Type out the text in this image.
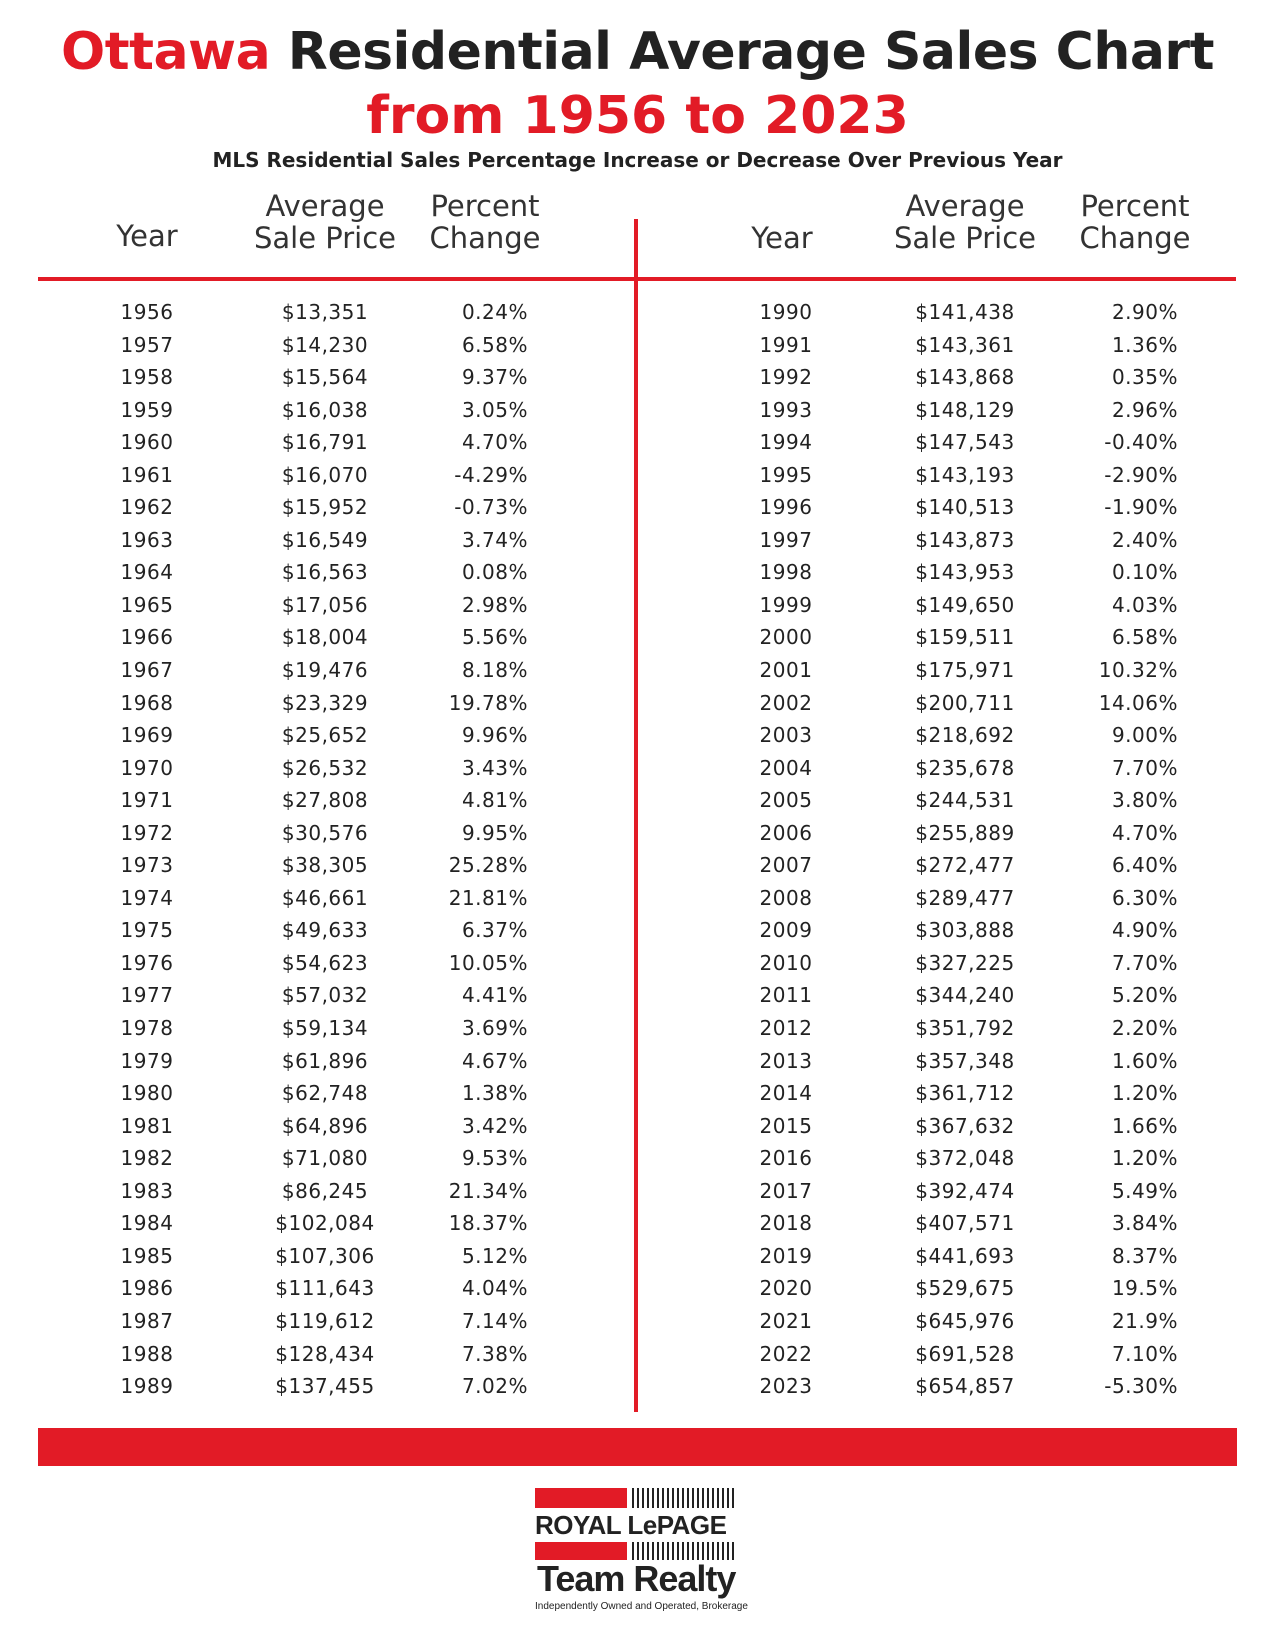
Ottawa Residential Average Sales Chart
from 1956 to 2023
MLS Residential Sales Percentage Increase or Decrease Over Previous Year
Year
Average
Sale Price
Percent
Change	Year
Average
Sale Price
Percent
Change
1956	$13,351	0.24%
1957	$14,230	6.58%
1958	$15,564	9.37%
1959	$16,038	3.05%
1960	$16,791	4.70%
1961	$16,070	-4.29%
1962	$15,952	-0.73%
1963	$16,549	3.74%
1964	$16,563	0.08%
1965	$17,056	2.98%
1966	$18,004	5.56%
1967	$19,476	8.18%
1968	$23,329	19.78%
1969	$25,652	9.96%
1970	$26,532	3.43%
1971	$27,808	4.81%
1972	$30,576	9.95%
1973	$38,305	25.28%
1974	$46,661	21.81%
1975	$49,633	6.37%
1976	$54,623	10.05%
1977	$57,032	4.41%
1978	$59,134	3.69%
1979	$61,896	4.67%
1980	$62,748	1.38%
1981	$64,896	3.42%
1982	$71,080	9.53%
1983	$86,245	21.34%
1984	$102,084	18.37%
1985	$107,306	5.12%
1986	$111,643	4.04%
1987	$119,612	7.14%
1988	$128,434	7.38%
1989	$137,455	7.02%
1990	$141,438	2.90%
1991	$143,361	1.36%
1992	$143,868	0.35%
1993	$148,129	2.96%
1994	$147,543	-0.40%
1995	$143,193	-2.90%
1996	$140,513	-1.90%
1997	$143,873	2.40%
1998	$143,953	0.10%
1999	$149,650	4.03%
2000	$159,511	6.58%
2001	$175,971	10.32%
2002	$200,711	14.06%
2003	$218,692	9.00%
2004	$235,678	7.70%
2005	$244,531	3.80%
2006	$255,889	4.70%
2007	$272,477	6.40%
2008	$289,477	6.30%
2009	$303,888	4.90%
2010	$327,225	7.70%
2011	$344,240	5.20%
2012	$351,792	2.20%
2013	$357,348	1.60%
2014	$361,712	1.20%
2015	$367,632	1.66%
2016	$372,048	1.20%
2017	$392,474	5.49%
2018	$407,571	3.84%
2019	$441,693	8.37%
2020	$529,675	19.5%
2021	$645,976	21.9%
2022	$691,528	7.10%
2023	$654,857	-5.30%
ROYAL LePAGE
Team Realty
Independently Owned and Operated, Brokerage
